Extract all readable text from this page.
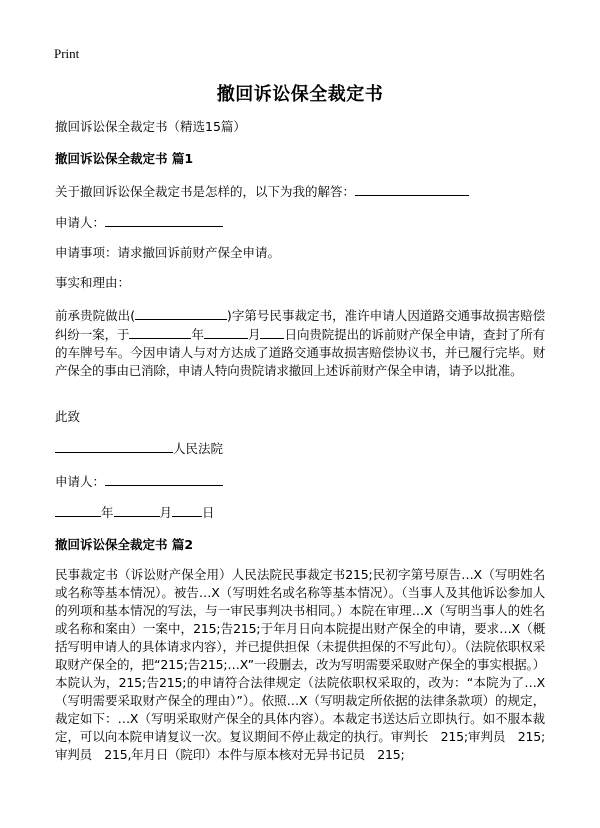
Print
撤回诉讼保全裁定书
撤回诉讼保全裁定书（精选15篇）
撤回诉讼保全裁定书 篇1
关于撤回诉讼保全裁定书是怎样的，以下为我的解答：
申请人：
申请事项：请求撤回诉前财产保全申请。
事实和理由：
前承贵院做出(	)字第号民事裁定书，准许申请人因道路交通事故损害赔偿纠纷一案，于	年	月 日向贵院提出的诉前财产保全申请，查封了所有的车牌号车。今因申请人与对方达成了道路交通事故损害赔偿协议书，并已履行完毕。财产保全的事由已消除，申请人特向贵院请求撤回上述诉前财产保全申请，请予以批准。
此致
人民法院
申请人：
年	月 日
撤回诉讼保全裁定书 篇2
民事裁定书（诉讼财产保全用）人民法院民事裁定书215;民初字第号原告…X（写明姓名或名称等基本情况）。被告…X（写明姓名或名称等基本情况）。（当事人及其他诉讼参加人的列项和基本情况的写法，与一审民事判决书相同。）本院在审理…X（写明当事人的姓名或名称和案由）一案中，215;告215;于年月日向本院提出财产保全的申请，要求…X（概括写明申请人的具体请求内容），并已提供担保（未提供担保的不写此句）。（法院依职权采取财产保全的，把“215;告215;…X”一段删去，改为写明需要采取财产保全的事实根据。）本院认为，215;告215;的申请符合法律规定（法院依职权采取的，改为：“本院为了…X（写明需要采取财产保全的理由）”）。依照…X（写明裁定所依据的法律条款项）的规定，裁定如下：…X（写明采取财产保全的具体内容）。本裁定书送达后立即执行。如不服本裁定，可以向本院申请复议一次。复议期间不停止裁定的执行。审判长　215;审判员　215;审判员　215,年月日（院印）本件与原本核对无异书记员　215;
